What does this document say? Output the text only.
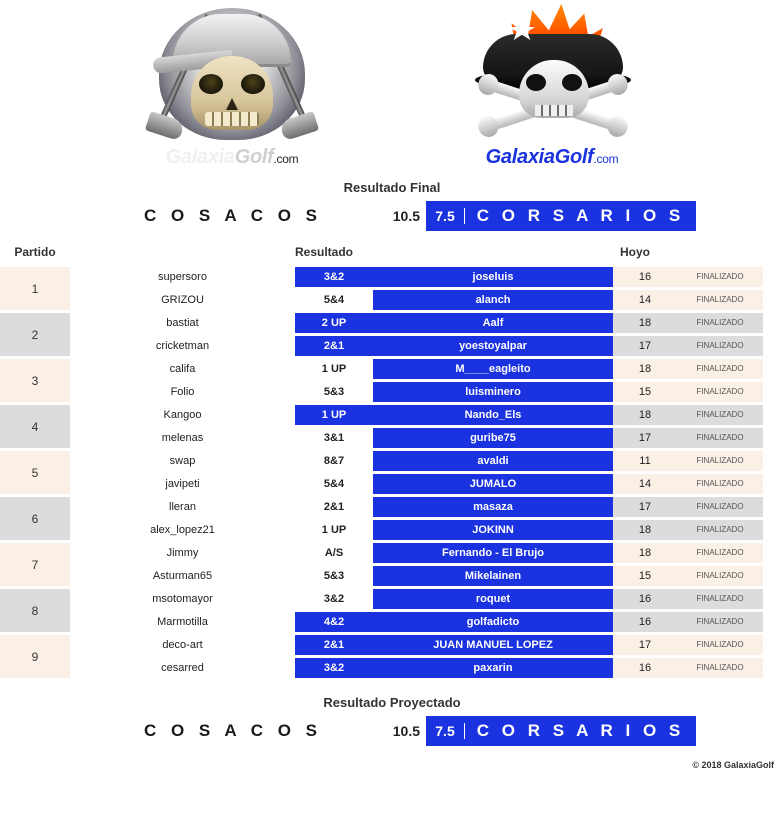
GalaxiaGolf.com	GalaxiaGolf.com
Resultado Final
C O S A C O S	10.5	7.5	C O R S A R I O S
Partido	Resultado	Hoyo
1
supersoro	3&2	joseluis	16	FINALIZADO
GRIZOU	5&4	alanch	14	FINALIZADO
2
bastiat	2 UP	Aalf	18	FINALIZADO
cricketman	2&1	yoestoyalpar	17	FINALIZADO
3
califa	1 UP	M____eagleito	18	FINALIZADO
Folio	5&3	luisminero	15	FINALIZADO
4
Kangoo	1 UP	Nando_Els	18	FINALIZADO
melenas	3&1	guribe75	17	FINALIZADO
5
swap	8&7	avaldi	11	FINALIZADO
javipeti	5&4	JUMALO	14	FINALIZADO
6
lleran	2&1	masaza	17	FINALIZADO
alex_lopez21	1 UP	JOKINN	18	FINALIZADO
7
Jimmy	A/S	Fernando - El Brujo	18	FINALIZADO
Asturman65	5&3	Mikelainen	15	FINALIZADO
8
msotomayor	3&2	roquet	16	FINALIZADO
Marmotilla	4&2	golfadicto	16	FINALIZADO
9
deco-art	2&1	JUAN MANUEL LOPEZ	17	FINALIZADO
cesarred	3&2	paxarin	16	FINALIZADO
Resultado Proyectado
C O S A C O S	10.5	7.5	C O R S A R I O S
© 2018 GalaxiaGolf
